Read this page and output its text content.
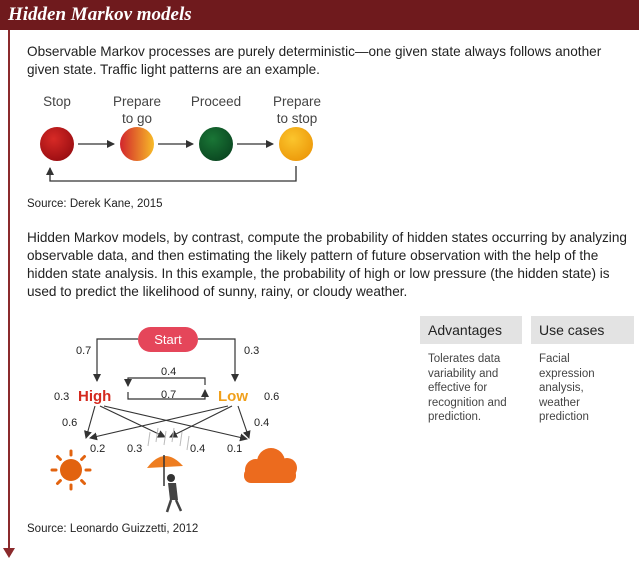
Hidden Markov models
Observable Markov processes are purely deterministic—one given state always follows another given state. Traffic light patterns are an example.
Stop	Prepare to go
Proceed	Prepare to stop
Start
0.7	0.3
High	Low
0.3	0.6
0.4
0.7
0.6
0.2 0.3
0.4
0.4 0.1
Source: Derek Kane, 2015
Hidden Markov models, by contrast, compute the probability of hidden states occurring by analyzing observable data, and then estimating the likely pattern of future observation with the help of the hidden state analysis. In this example, the probability of high or low pressure (the hidden state) is used to predict the likelihood of sunny, rainy, or cloudy weather.
Advantages	Use cases
Tolerates data
variability and
effective for
recognition and
prediction.
Facial
expression
analysis,
weather
prediction
Source: Leonardo Guizzetti, 2012
